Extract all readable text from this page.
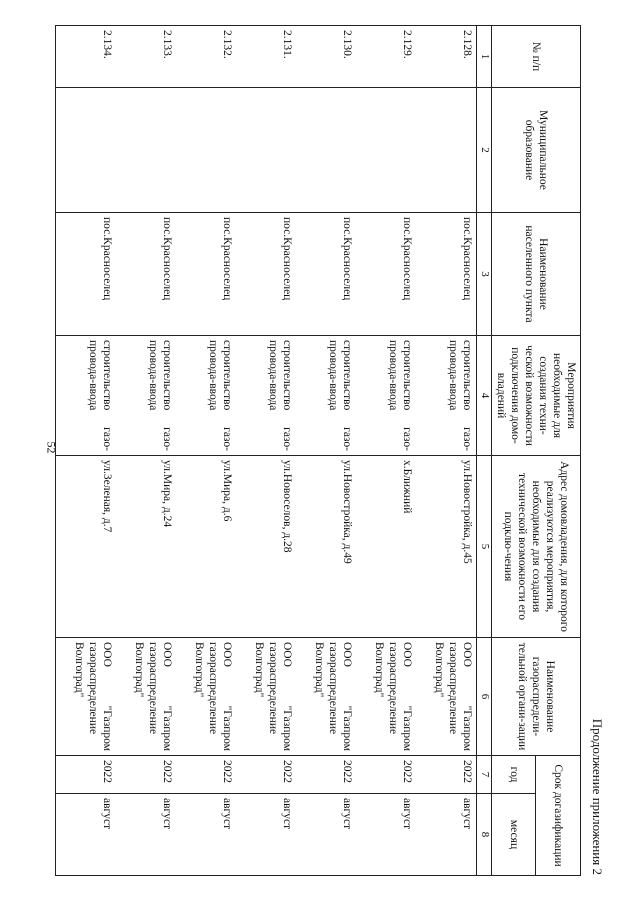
52
Продолжение приложения 2
№ п/п	Муниципальное образование	Наименование населенного пункта	Мероприятия необходимые для создания техни-ческой возможности подключения домо-владений	Адрес домовладения, для которого реализуются мероприятия, необходимые для создания технической возможности его подклю-чения	Наименование газораспредели-тельной органи-зации	Срок догазификации	
						год	месяц
1	2	3	4	5	6	7	8
2.128.		пос.Красноселец	строительство газо-провода-ввода	ул.Новостройка, д.45	ООО "Газпром газораспределение Волгоград"	2022	август
2.129.		пос.Красноселец	строительство газо-провода-ввода	х.Ближний	ООО "Газпром газораспределение Волгоград"	2022	август
2.130.		пос.Красноселец	строительство газо-провода-ввода	ул.Новостройка, д.49	ООО "Газпром газораспределение Волгоград"	2022	август
2.131.		пос.Красноселец	строительство газо-провода-ввода	ул.Новоселов, д.28	ООО "Газпром газораспределение Волгоград"	2022	август
2.132.		пос.Красноселец	строительство газо-провода-ввода	ул.Мира, д.6	ООО "Газпром газораспределение Волгоград"	2022	август
2.133.		пос.Красноселец	строительство газо-провода-ввода	ул.Мира, д.24	ООО "Газпром газораспределение Волгоград"	2022	август
2.134.		пос.Красноселец	строительство газо-провода-ввода	ул.Зеленая, д.7	ООО "Газпром газораспределение Волгоград"	2022	август
